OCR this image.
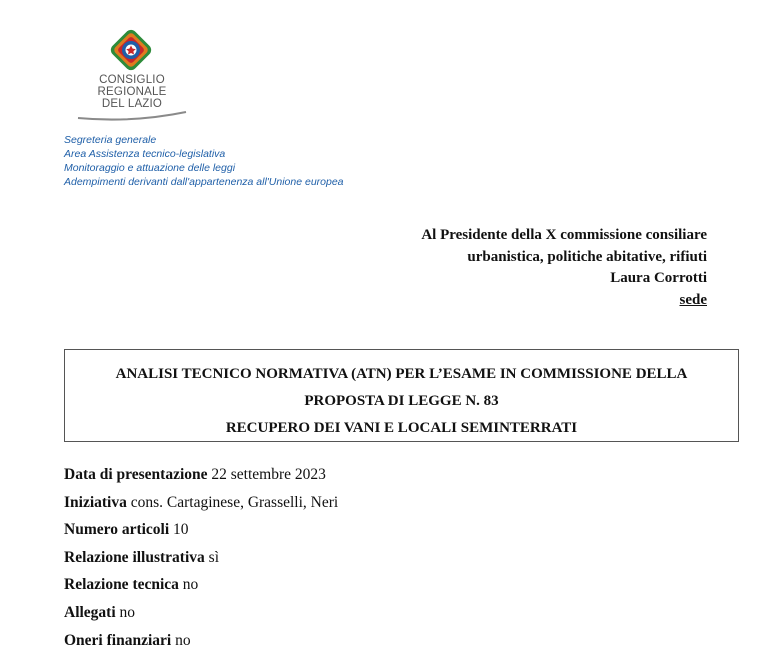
CONSIGLIO
REGIONALE
DEL LAZIO
Segreteria generale
Area Assistenza tecnico-legislativa
Monitoraggio e attuazione delle leggi
Adempimenti derivanti dall'appartenenza all'Unione europea
Al Presidente della X commissione consiliare
urbanistica, politiche abitative, rifiuti
Laura Corrotti
sede
ANALISI TECNICO NORMATIVA (ATN) PER L’ESAME IN COMMISSIONE DELLA
PROPOSTA DI LEGGE N. 83
RECUPERO DEI VANI E LOCALI SEMINTERRATI
Data di presentazione 22 settembre 2023
Iniziativa cons. Cartaginese, Grasselli, Neri
Numero articoli 10
Relazione illustrativa sì
Relazione tecnica no
Allegati no
Oneri finanziari no
